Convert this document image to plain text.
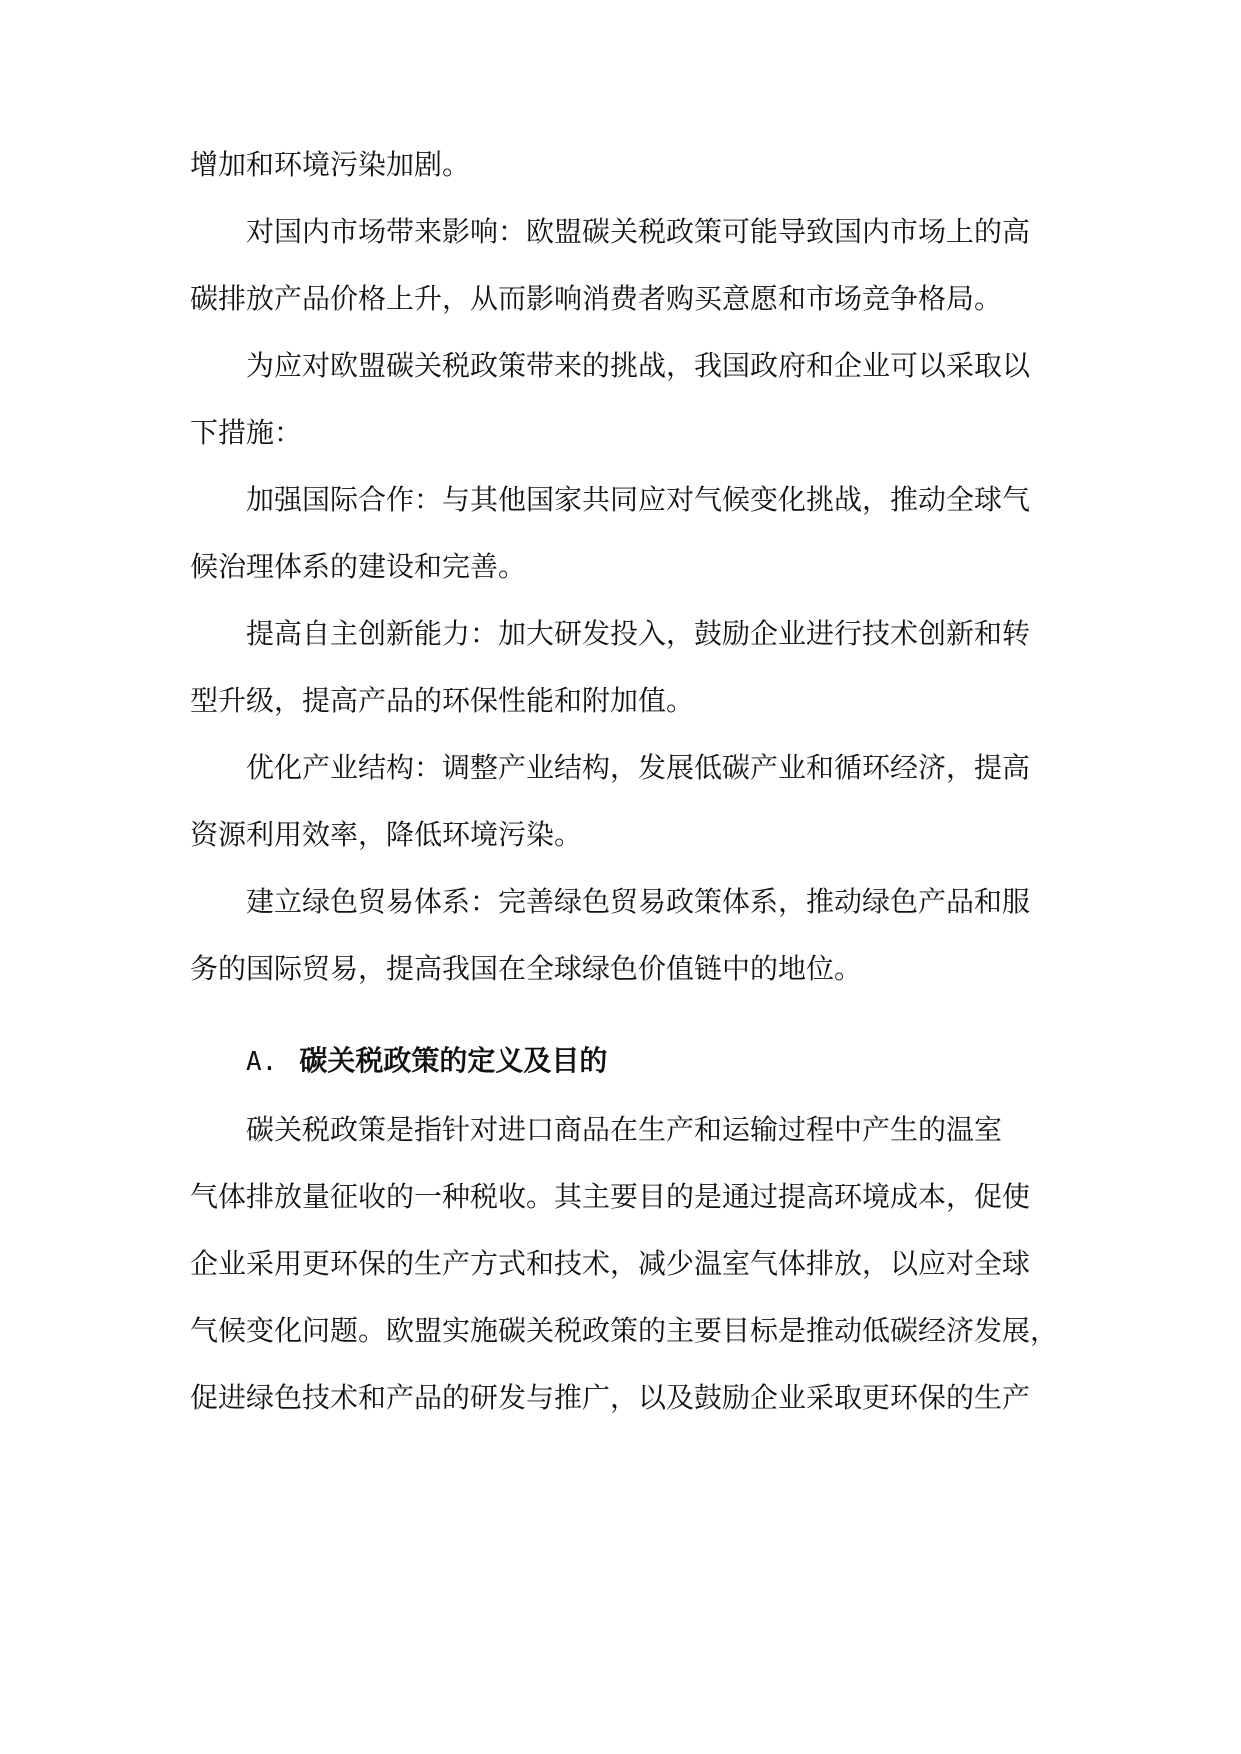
增加和环境污染加剧。
对国内市场带来影响：欧盟碳关税政策可能导致国内市场上的高
碳排放产品价格上升，从而影响消费者购买意愿和市场竞争格局。
为应对欧盟碳关税政策带来的挑战，我国政府和企业可以采取以
下措施：
加强国际合作：与其他国家共同应对气候变化挑战，推动全球气
候治理体系的建设和完善。
提高自主创新能力：加大研发投入，鼓励企业进行技术创新和转
型升级，提高产品的环保性能和附加值。
优化产业结构：调整产业结构，发展低碳产业和循环经济，提高
资源利用效率，降低环境污染。
建立绿色贸易体系：完善绿色贸易政策体系，推动绿色产品和服
务的国际贸易，提高我国在全球绿色价值链中的地位。
A. 碳关税政策的定义及目的
碳关税政策是指针对进口商品在生产和运输过程中产生的温室
气体排放量征收的一种税收。其主要目的是通过提高环境成本，促使
企业采用更环保的生产方式和技术，减少温室气体排放，以应对全球
气候变化问题。欧盟实施碳关税政策的主要目标是推动低碳经济发展，
促进绿色技术和产品的研发与推广，以及鼓励企业采取更环保的生产
